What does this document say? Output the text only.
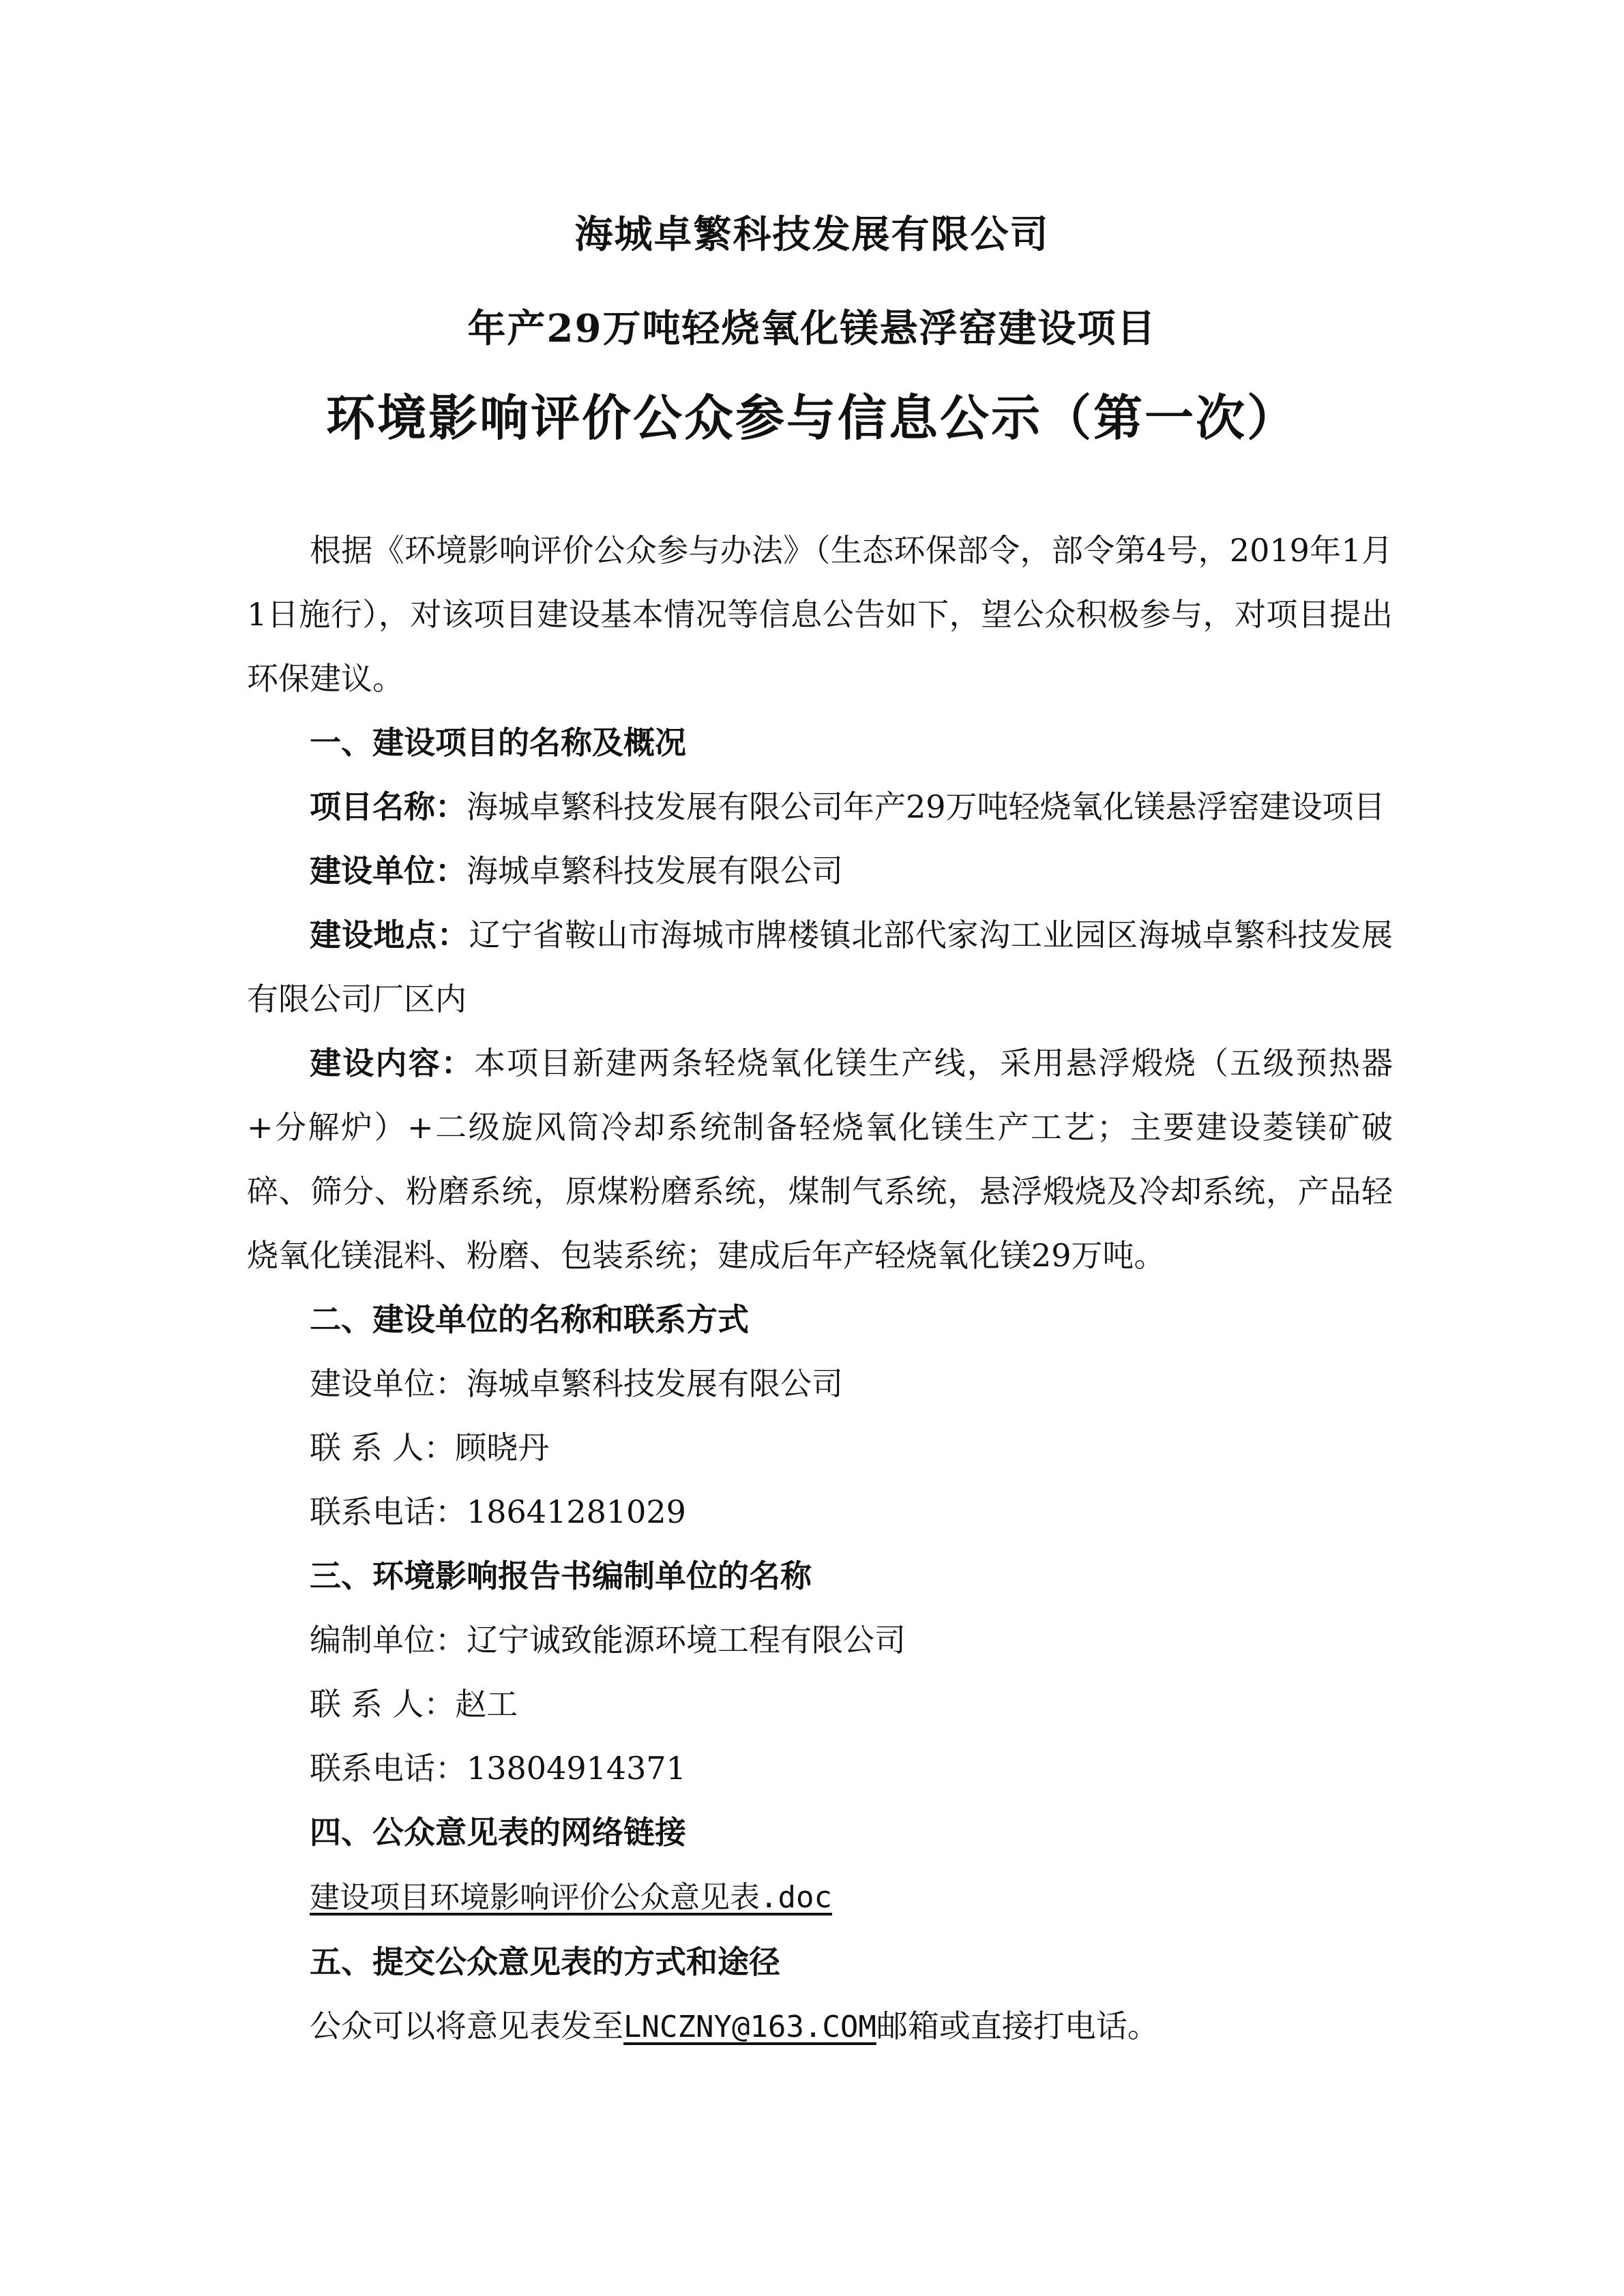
海城卓繁科技发展有限公司
年产29万吨轻烧氧化镁悬浮窑建设项目
环境影响评价公众参与信息公示（第一次）

根据《环境影响评价公众参与办法》（生态环保部令，部令第4号，2019年1月1日施行），对该项目建设基本情况等信息公告如下，望公众积极参与，对项目提出环保建议。

一、建设项目的名称及概况

项目名称：海城卓繁科技发展有限公司年产29万吨轻烧氧化镁悬浮窑建设项目

建设单位：海城卓繁科技发展有限公司

建设地点：辽宁省鞍山市海城市牌楼镇北部代家沟工业园区海城卓繁科技发展有限公司厂区内

建设内容：本项目新建两条轻烧氧化镁生产线，采用悬浮煅烧（五级预热器+分解炉）+二级旋风筒冷却系统制备轻烧氧化镁生产工艺；主要建设菱镁矿破碎、筛分、粉磨系统，原煤粉磨系统，煤制气系统，悬浮煅烧及冷却系统，产品轻烧氧化镁混料、粉磨、包装系统；建成后年产轻烧氧化镁29万吨。

二、建设单位的名称和联系方式

建设单位：海城卓繁科技发展有限公司

联 系 人：顾晓丹

联系电话：18641281029

三、环境影响报告书编制单位的名称

编制单位：辽宁诚致能源环境工程有限公司

联 系 人：赵工

联系电话：13804914371

四、公众意见表的网络链接

建设项目环境影响评价公众意见表.doc

五、提交公众意见表的方式和途径

公众可以将意见表发至LNCZNY@163.COM邮箱或直接打电话。
